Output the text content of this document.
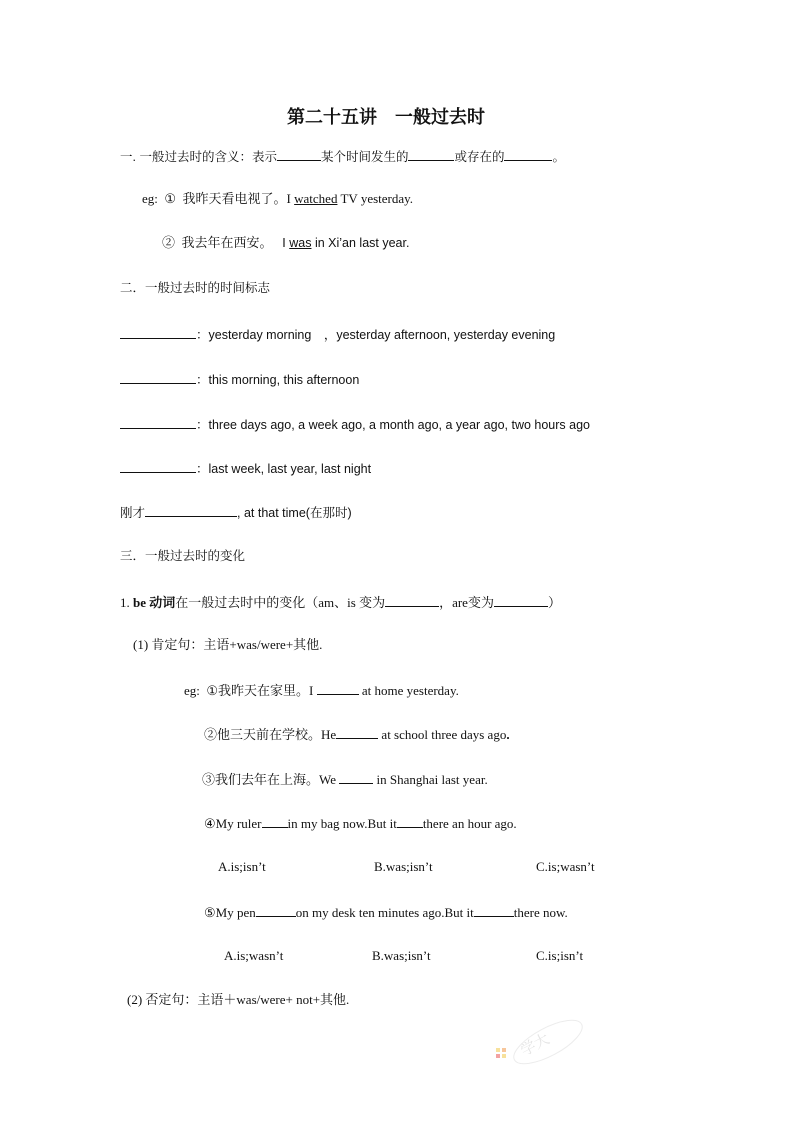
第二十五讲　一般过去时
一. 一般过去时的含义：表示	某个时间发生的	或存在的	。
eg: ① 我昨天看电视了。I watched TV yesterday.
② 我去年在西安。 I was in Xi’an last year.
二．一般过去时的时间标志
：yesterday morning　，yesterday afternoon, yesterday evening
：this morning, this afternoon
：three days ago, a week ago, a month ago, a year ago, two hours ago
：last week, last year, last night
刚才	, at that time(在那时)
三．一般过去时的变化
1. be 动词在一般过去时中的变化（am、is 变为	，are变为	）
(1) 肯定句：主语+was/were+其他.
eg: ①我昨天在家里。I	at home yesterday.
②他三天前在学校。He	at school three days ago.
③我们去年在上海。We	in Shanghai last year.
④My ruler in my bag now.But it there an hour ago.
A.is;isn’t	B.was;isn’t	C.is;wasn’t
⑤My pen	on my desk ten minutes ago.But it	there now.
A.is;wasn’t	B.was;isn’t	C.is;isn’t
(2) 否定句：主语＋was/were+ not+其他.
学大
